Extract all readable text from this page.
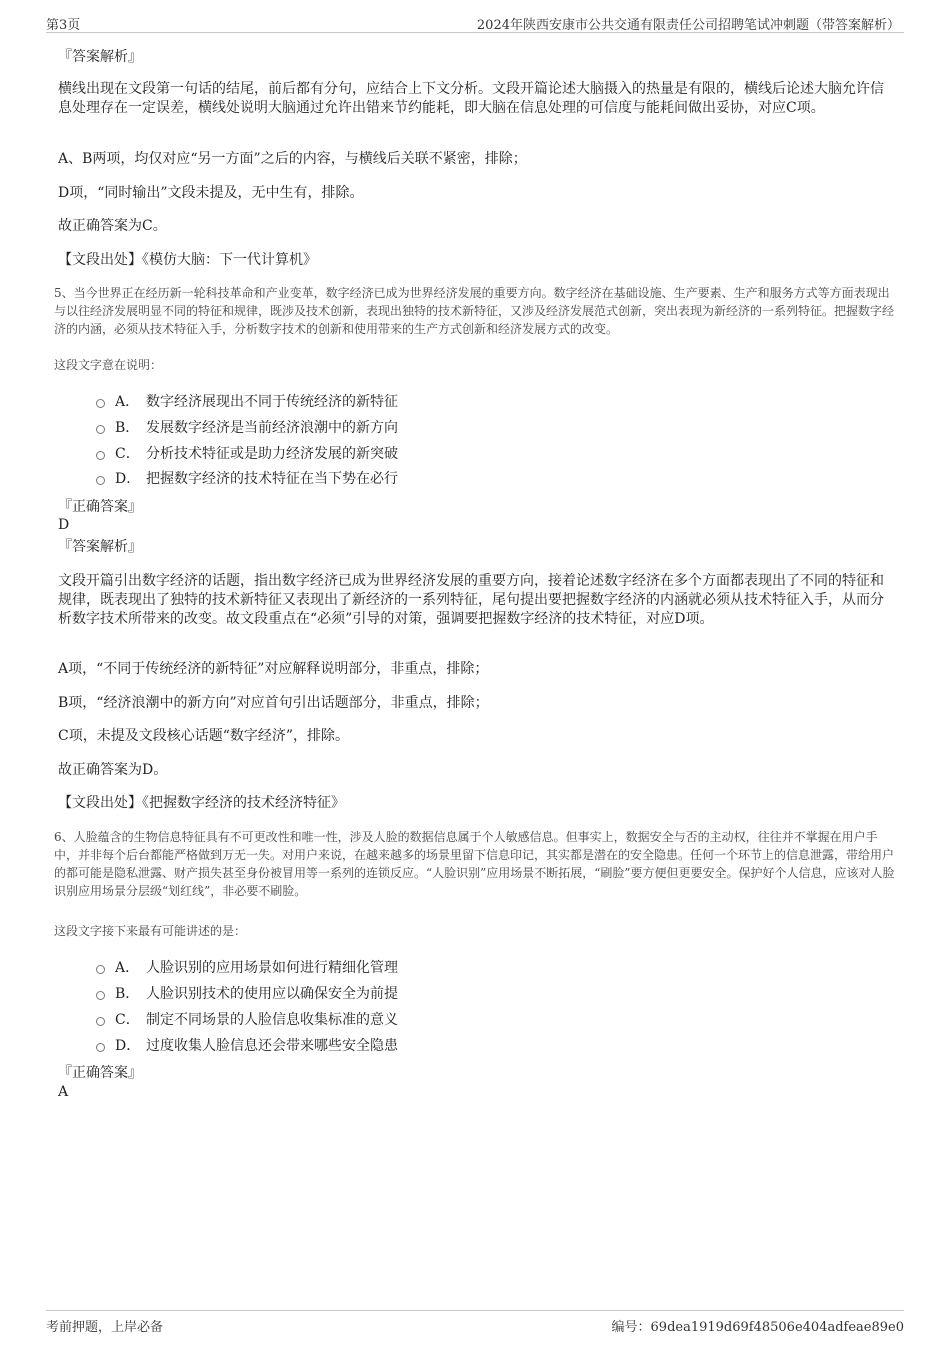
第3页	2024年陕西安康市公共交通有限责任公司招聘笔试冲刺题（带答案解析）
『答案解析』

横线出现在文段第一句话的结尾，前后都有分句，应结合上下文分析。文段开篇论述大脑摄入的热量是有限的，横线后论述大脑允许信息处理存在一定误差，横线处说明大脑通过允许出错来节约能耗，即大脑在信息处理的可信度与能耗间做出妥协，对应C项。

A、B两项，均仅对应“另一方面”之后的内容，与横线后关联不紧密，排除；

D项，“同时输出”文段未提及，无中生有，排除。

故正确答案为C。

【文段出处】《模仿大脑：下一代计算机》

5、当今世界正在经历新一轮科技革命和产业变革，数字经济已成为世界经济发展的重要方向。数字经济在基础设施、生产要素、生产和服务方式等方面表现出与以往经济发展明显不同的特征和规律，既涉及技术创新，表现出独特的技术新特征，又涉及经济发展范式创新，突出表现为新经济的一系列特征。把握数字经济的内涵，必须从技术特征入手，分析数字技术的创新和使用带来的生产方式创新和经济发展方式的改变。

这段文字意在说明：

A． 数字经济展现出不同于传统经济的新特征
B． 发展数字经济是当前经济浪潮中的新方向
C． 分析技术特征或是助力经济发展的新突破
D． 把握数字经济的技术特征在当下势在必行
『正确答案』
D
『答案解析』

文段开篇引出数字经济的话题，指出数字经济已成为世界经济发展的重要方向，接着论述数字经济在多个方面都表现出了不同的特征和规律，既表现出了独特的技术新特征又表现出了新经济的一系列特征，尾句提出要把握数字经济的内涵就必须从技术特征入手，从而分析数字技术所带来的改变。故文段重点在“必须”引导的对策，强调要把握数字经济的技术特征，对应D项。

A项，“不同于传统经济的新特征”对应解释说明部分，非重点，排除；

B项，“经济浪潮中的新方向”对应首句引出话题部分，非重点，排除；

C项，未提及文段核心话题“数字经济”，排除。

故正确答案为D。

【文段出处】《把握数字经济的技术经济特征》

6、人脸蕴含的生物信息特征具有不可更改性和唯一性，涉及人脸的数据信息属于个人敏感信息。但事实上，数据安全与否的主动权，往往并不掌握在用户手中，并非每个后台都能严格做到万无一失。对用户来说，在越来越多的场景里留下信息印记，其实都是潜在的安全隐患。任何一个环节上的信息泄露，带给用户的都可能是隐私泄露、财产损失甚至身份被冒用等一系列的连锁反应。“人脸识别”应用场景不断拓展，“刷脸”要方便但更要安全。保护好个人信息，应该对人脸识别应用场景分层级“划红线”，非必要不刷脸。

这段文字接下来最有可能讲述的是：

A． 人脸识别的应用场景如何进行精细化管理
B． 人脸识别技术的使用应以确保安全为前提
C． 制定不同场景的人脸信息收集标准的意义
D． 过度收集人脸信息还会带来哪些安全隐患
『正确答案』
A
考前押题，上岸必备	编号：69dea1919d69f48506e404adfeae89e0
